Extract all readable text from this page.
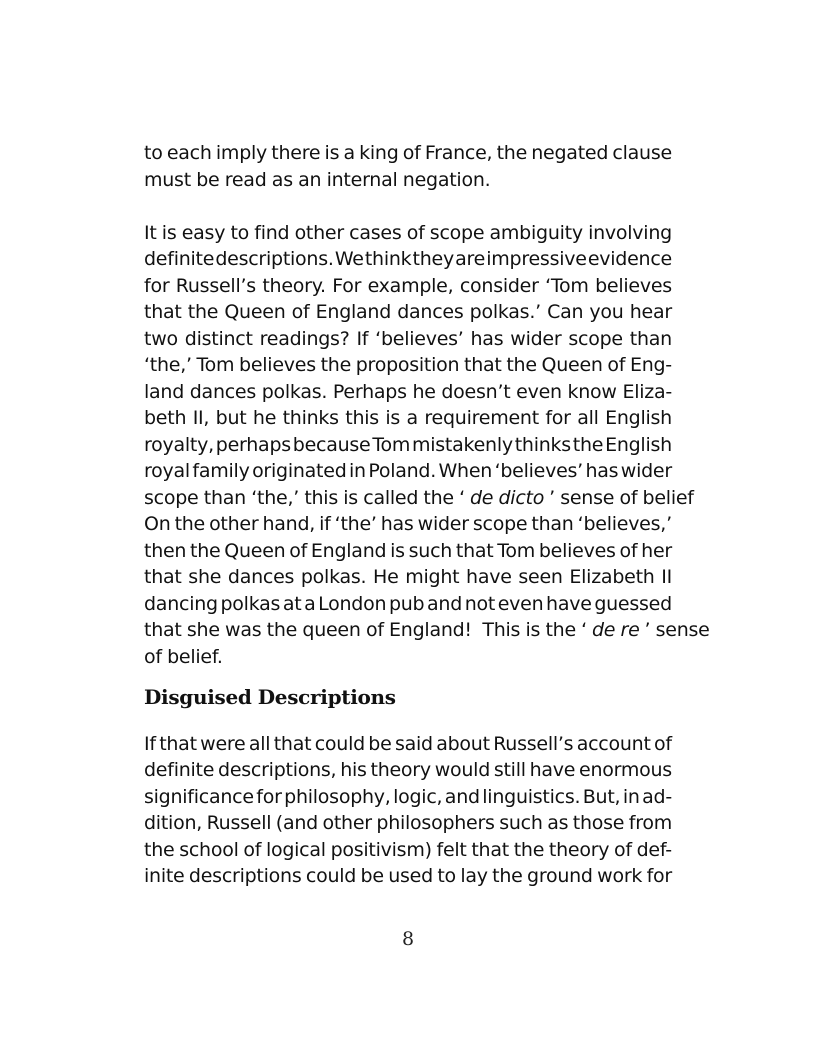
to each imply there is a king of France, the negated clause
must be read as an internal negation.
It is easy to find other cases of scope ambiguity involving
definite descriptions. We think they are impressive evidence
for Russell’s theory. For example, consider ‘Tom believes
that the Queen of England dances polkas.’ Can you hear
two distinct readings? If ‘believes’ has wider scope than
‘the,’ Tom believes the proposition that the Queen of Eng-
land dances polkas. Perhaps he doesn’t even know Eliza-
beth II, but he thinks this is a requirement for all English
royalty, perhaps because Tom mistakenly thinks the English
royal family originated in Poland. When ‘believes’ has wider
scope than ‘the,’ this is called the ‘ de dicto ’ sense of belief
On the other hand, if ‘the’ has wider scope than ‘believes,’
then the Queen of England is such that Tom believes of her
that she dances polkas. He might have seen Elizabeth II
dancing polkas at a London pub and not even have guessed
that she was the queen of England!  This is the ‘ de re ’ sense
of belief.
Disguised Descriptions
If that were all that could be said about Russell’s account of
definite descriptions, his theory would still have enormous
significance for philosophy, logic, and linguistics. But, in ad-
dition, Russell (and other philosophers such as those from
the school of logical positivism) felt that the theory of def-
inite descriptions could be used to lay the ground work for
8
